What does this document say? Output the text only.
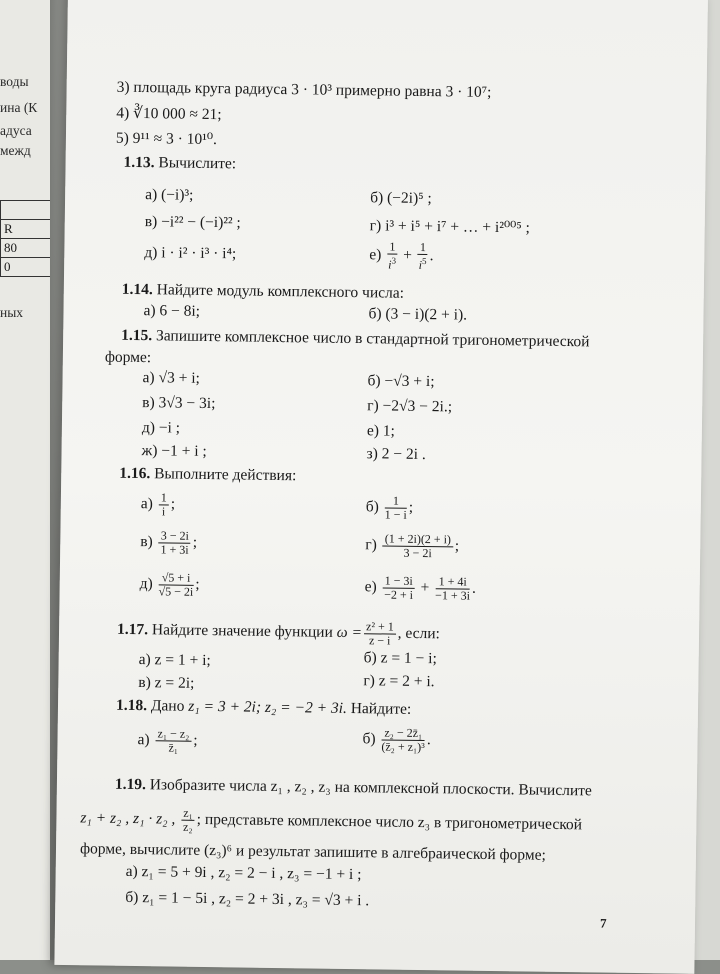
воды
ина (К
адуса
межд

R
80
0
ных
3) площадь круга радиуса 3 · 10³ примерно равна 3 · 10⁷;
4) ∛10 000 ≈ 21;
5) 9¹¹ ≈ 3 · 10¹⁰.
1.13. Вычислите:
а) (−i)³;	б) (−2i)⁵ ;
в) −i²² − (−i)²² ;	г) i³ + i⁵ + i⁷ + … + i²⁰⁰⁵ ;
д) i · i² · i³ · i⁴;	$е) \frac{1}{i^3} + \frac{1}{i^5}$ .
1.14. Найдите модуль комплексного числа:
а) 6 − 8i;	б) (3 − i)(2 + i).
1.15. Запишите комплексное число в стандартной тригонометрической
форме:
а) √3 + i;	б) −√3 + i;
в) 3√3 − 3i;	г) −2√3 − 2i.;
д) −i ;	е) 1;
ж) −1 + i ;	з) 2 − 2i .
1.16. Выполните действия:
$а) \frac{1}{i}$ ;	$б) \frac{1}{1 - i}$ ;
$в) \frac{3 - 2i}{1 + 3i}$ ;	$г) \frac{(1 + 2i)(2 + i)}{3 - 2i}$ ;
$д) \frac{√5 + i}{√5 - 2i}$ ;	$е) \frac{1 - 3i}{-2 + i} + \frac{1 + 4i}{-1 + 3i}$ .
1.17. Найдите значение функции $\omega = \frac{\text{z² + 1}}{z - i}$ , если:
а) z = 1 + i;	б) z = 1 − i;
в) z = 2i;	г) z = 2 + i.
1.18. Дано z₁ = 3 + 2i; z₂ = −2 + 3i. Найдите:
$а) \frac{\text{z₁ − z₂}}{\text{z̄₁}}$ ;	$б) \frac{\text{z₂ − 2z̄₁}}{\text{(z̄₂ + z₁)³}}$ .
1.19. Изобразите числа z₁ , z₂ , z₃ на комплексной плоскости. Вычислите
z₁ + z₂ , z₁ · z₂ , $\frac{\text{z₁}}{\text{z₂}}$ ; представьте комплексное число z₃ в тригонометрической
форме, вычислите (z₃)⁶ и результат запишите в алгебраической форме;
а) z₁ = 5 + 9i , z₂ = 2 − i , z₃ = −1 + i ;
б) z₁ = 1 − 5i , z₂ = 2 + 3i , z₃ = √3 + i .
7
